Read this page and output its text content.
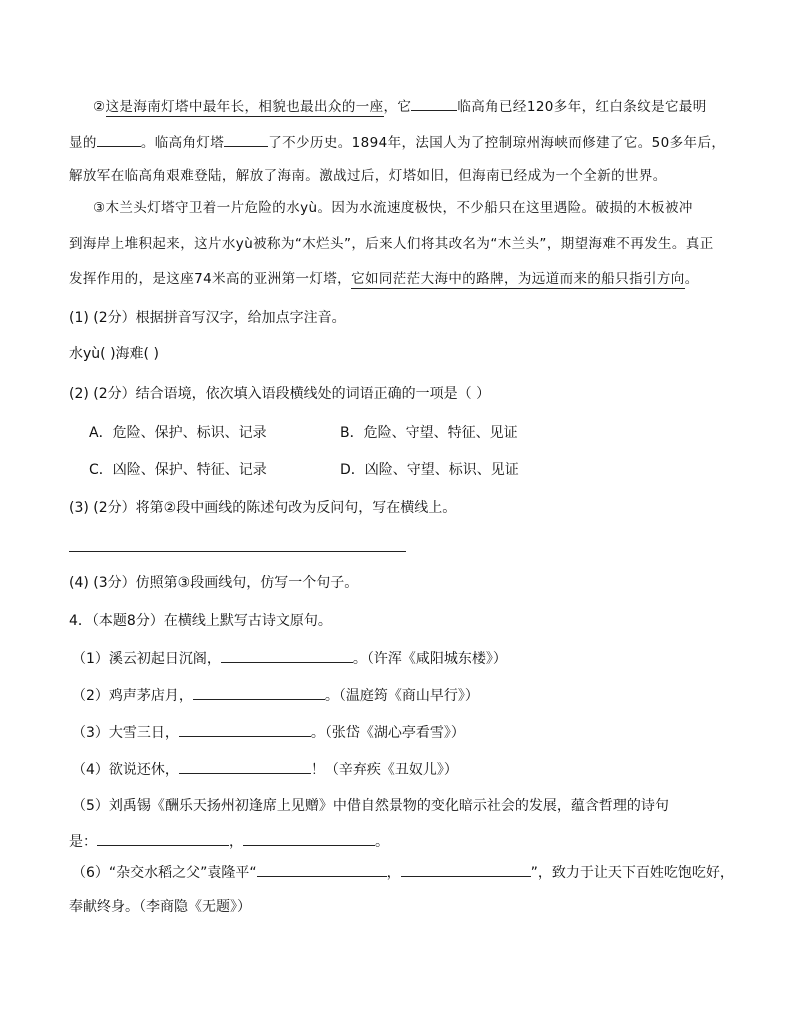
②这是海南灯塔中最年长，相貌也最出众的一座，它	临高角已经120多年，红白条纹是它最明
显的	。临高角灯塔	了不少历史。1894年，法国人为了控制琼州海峡而修建了它。50多年后，
解放军在临高角艰难登陆，解放了海南。激战过后，灯塔如旧，但海南已经成为一个全新的世界。
③木兰头灯塔守卫着一片危险的水yù。因为水流速度极快，不少船只在这里遇险。破损的木板被冲
到海岸上堆积起来，这片水yù被称为“木烂头”，后来人们将其改名为“木兰头”，期望海难不再发生。真正
发挥作用的，是这座74米高的亚洲第一灯塔，它如同茫茫大海中的路牌，为远道而来的船只指引方向。
(1) (2分）根据拼音写汉字，给加点字注音。
水yù( )海难( )
(2) (2分）结合语境，依次填入语段横线处的词语正确的一项是（ ）
A．危险、保护、标识、记录	B．危险、守望、特征、见证
C．凶险、保护、特征、记录	D．凶险、守望、标识、见证
(3) (2分）将第②段中画线的陈述句改为反问句，写在横线上。
(4) (3分）仿照第③段画线句，仿写一个句子。
4．（本题8分）在横线上默写古诗文原句。
（1）溪云初起日沉阁，	。（许浑《咸阳城东楼》）
（2）鸡声茅店月，	。（温庭筠《商山早行》）
（3）大雪三日，	。（张岱《湖心亭看雪》）
（4）欲说还休，	！（辛弃疾《丑奴儿》）
（5）刘禹锡《酬乐天扬州初逢席上见赠》中借自然景物的变化暗示社会的发展，蕴含哲理的诗句
是：	，	。
（6）“杂交水稻之父”袁隆平“	，	”，致力于让天下百姓吃饱吃好，
奉献终身。（李商隐《无题》）
